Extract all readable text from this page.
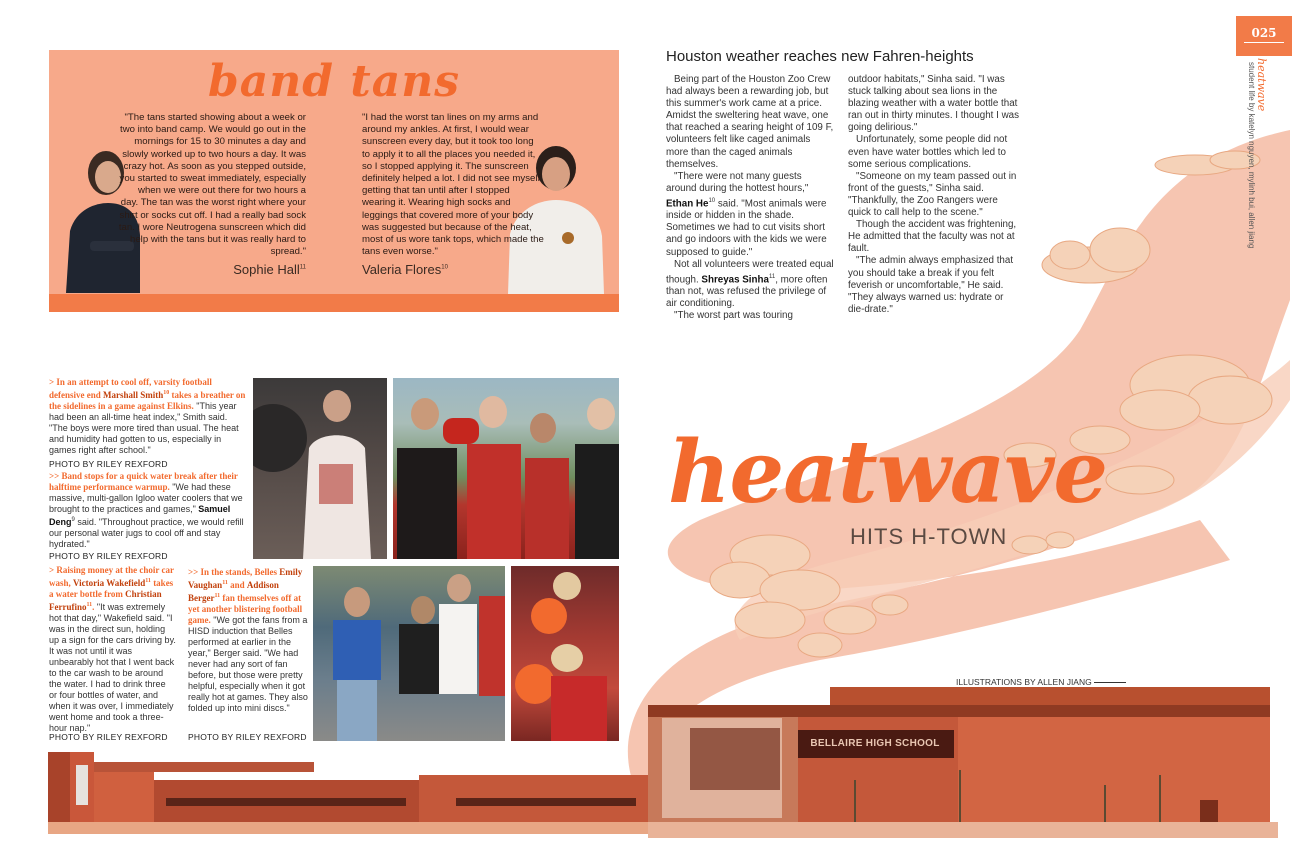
band tans
"The tans started showing about a week or two into band camp. We would go out in the mornings for 15 to 30 minutes a day and slowly worked up to two hours a day. It was crazy hot. As soon as you stepped outside, you started to sweat immediately, especially when we were out there for two hours a day. The tan was the worst right where your shirt or socks cut off. I had a really bad sock tan. I wore Neutrogena sunscreen which did help with the tans but it was really hard to spread."
Sophie Hall$^{11}$
"I had the worst tan lines on my arms and around my ankles. At first, I would wear sunscreen every day, but it took too long to apply it to all the places you needed it, so I stopped applying it. The sunscreen definitely helped a lot. I did not see myself getting that tan until after I stopped wearing it. Wearing high socks and leggings that covered more of your body was suggested but because of the heat, most of us wore tank tops, which made the tans even worse."
Valeria Flores$^{10}$
Houston weather reaches new Fahren-heights

Being part of the Houston Zoo Crew had always been a rewarding job, but this summer's work came at a price. Amidst the sweltering heat wave, one that reached a searing height of 109 F, volunteers felt like caged animals more than the caged animals themselves.

"There were not many guests around during the hottest hours," Ethan He$^{10}$ said. "Most animals were inside or hidden in the shade. Sometimes we had to cut visits short and go indoors with the kids we were supposed to guide."

Not all volunteers were treated equal though. Shreyas Sinha$^{11}$, more often than not, was refused the privilege of air conditioning.

"The worst part was touring

outdoor habitats," Sinha said. "I was stuck talking about sea lions in the blazing weather with a water bottle that ran out in thirty minutes. I thought I was going delirious."

Unfortunately, some people did not even have water bottles which led to some serious complications.

"Someone on my team passed out in front of the guests," Sinha said. "Thankfully, the Zoo Rangers were quick to call help to the scene."

Though the accident was frightening, He admitted that the faculty was not at fault.

"The admin always emphasized that you should take a break if you felt feverish or uncomfortable," He said. "They always warned us: hydrate or die-drate."

025
heatwave
student life by katelyn nguyen, mylinh bui, allen jiang
> In an attempt to cool off, varsity football defensive end Marshall Smith$^{10}$ takes a breather on the sidelines in a game against Elkins. "This year had been an all-time heat index," Smith said. "The boys were more tired than usual. The heat and humidity had gotten to us, especially in games right after school."
PHOTO BY RILEY REXFORD
>> Band stops for a quick water break after their halftime performance warmup. "We had these massive, multi-gallon Igloo water coolers that we brought to the practices and games," Samuel Deng$^9$ said. "Throughout practice, we would refill our personal water jugs to cool off and stay hydrated."
PHOTO BY RILEY REXFORD
> Raising money at the choir car wash, Victoria Wakefield$^{11}$ takes a water bottle from Christian Ferrufino$^{11}$. "It was extremely hot that day," Wakefield said. "I was in the direct sun, holding up a sign for the cars driving by. It was not until it was unbearably hot that I went back to the car wash to be around the water. I had to drink three or four bottles of water, and when it was over, I immediately went home and took a three-hour nap."
PHOTO BY RILEY REXFORD
>> In the stands, Belles Emily Vaughan$^{11}$ and Addison Berger$^{11}$ fan themselves off at yet another blistering football game. "We got the fans from a HISD induction that Belles performed at earlier in the year," Berger said. "We had never had any sort of fan before, but those were pretty helpful, especially when it got really hot at games. They also folded up into mini discs."
PHOTO BY RILEY REXFORD
heatwave
HITS H-TOWN
ILLUSTRATIONS BY ALLEN JIANG
BELLAIRE HIGH SCHOOL
